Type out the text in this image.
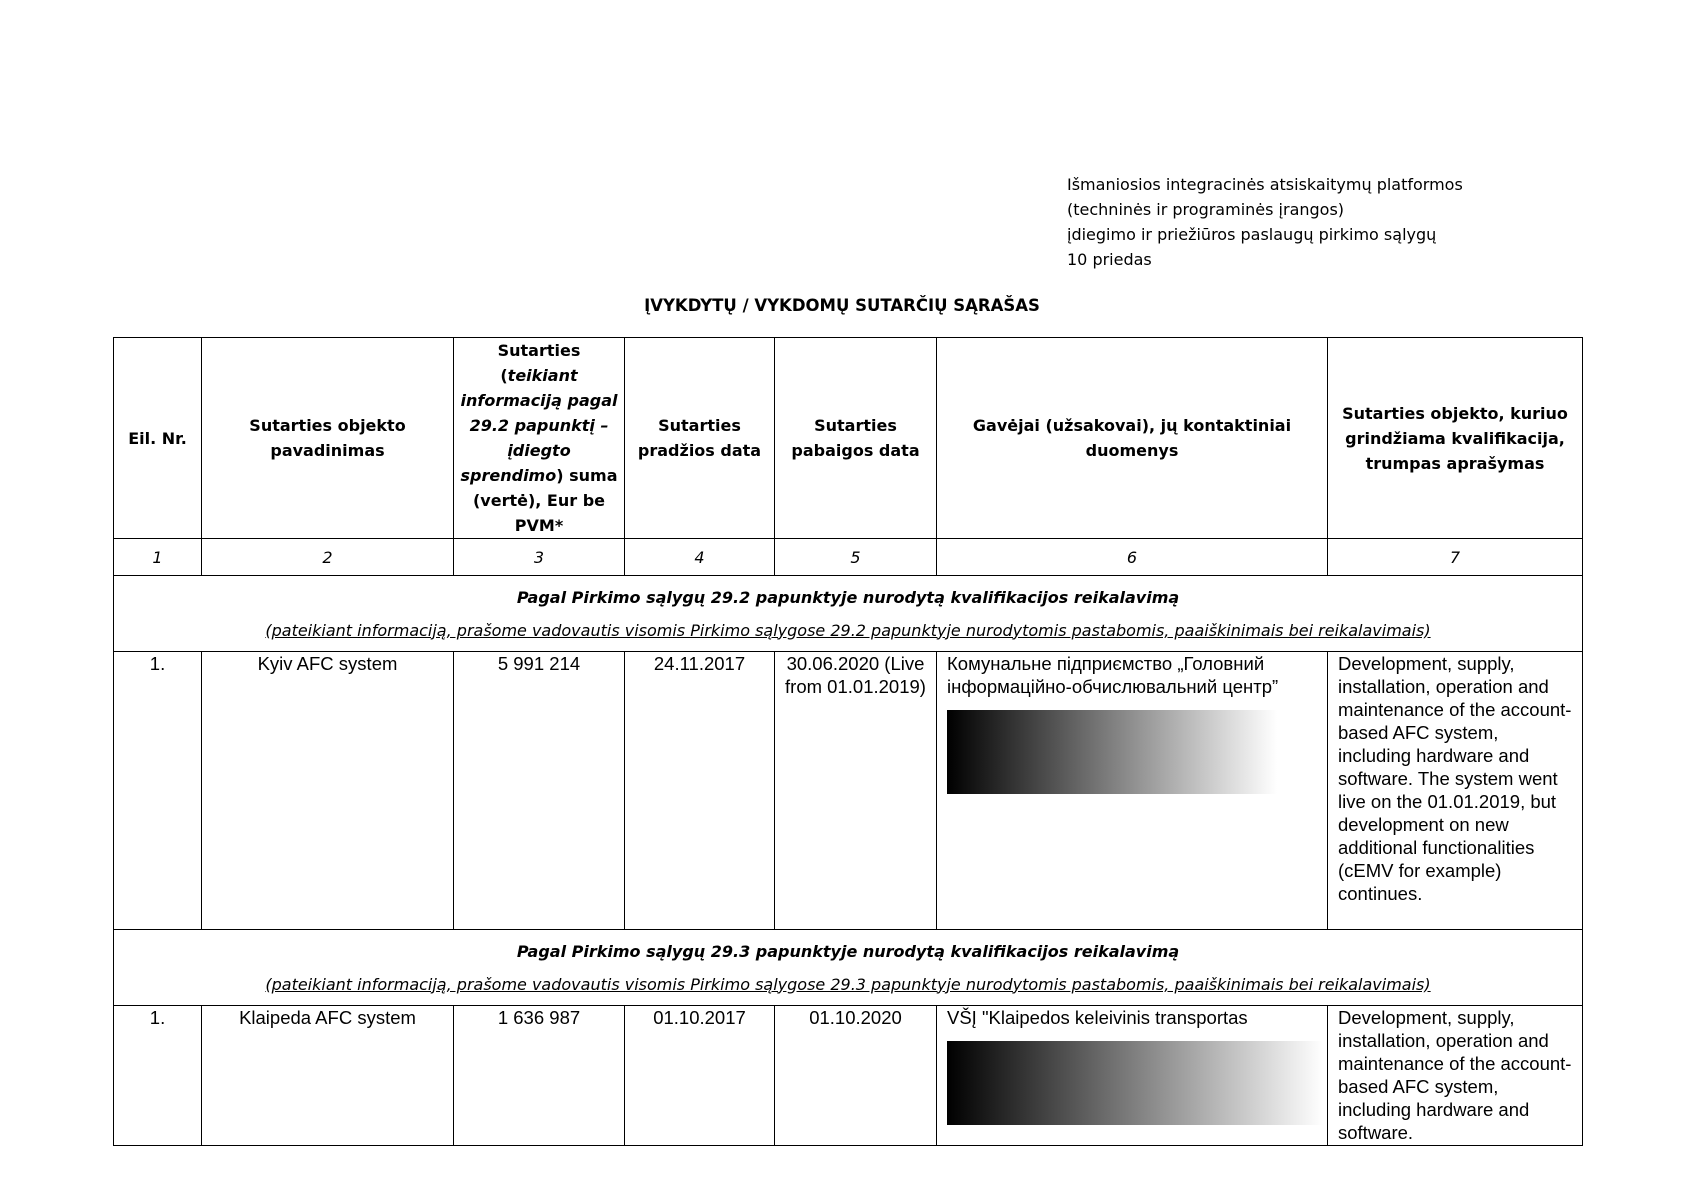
Išmaniosios integracinės atsiskaitymų platformos
(techninės ir programinės įrangos)
įdiegimo ir priežiūros paslaugų pirkimo sąlygų
10 priedas
ĮVYKDYTŲ / VYKDOMŲ SUTARČIŲ SĄRAŠAS
Eil. Nr.	Sutarties objekto pavadinimas	Sutarties (teikiant informaciją pagal 29.2 papunktį – įdiegto sprendimo) suma (vertė), Eur be PVM*	Sutarties pradžios data	Sutarties pabaigos data	Gavėjai (užsakovai), jų kontaktiniai duomenys	Sutarties objekto, kuriuo grindžiama kvalifikacija, trumpas aprašymas
1	2	3	4	5	6	7

Pagal Pirkimo sąlygų 29.2 papunktyje nurodytą kvalifikacijos reikalavimą
(pateikiant informaciją, prašome vadovautis visomis Pirkimo sąlygose 29.2 papunktyje nurodytomis pastabomis, paaiškinimais bei reikalavimais)						

1.	Kyiv AFC system	5 991 214	24.11.2017	30.06.2020 (Live from 01.01.2019)	Комунальне підприємство „Головний інформаційно-обчислювальний центр”	Development, supply, installation, operation and maintenance of the account-based AFC system, including hardware and software. The system went live on the 01.01.2019, but development on new additional functionalities (cEMV for example) continues.

Pagal Pirkimo sąlygų 29.3 papunktyje nurodytą kvalifikacijos reikalavimą
(pateikiant informaciją, prašome vadovautis visomis Pirkimo sąlygose 29.3 papunktyje nurodytomis pastabomis, paaiškinimais bei reikalavimais)						

1.	Klaipeda AFC system	1 636 987	01.10.2017	01.10.2020	VŠĮ "Klaipedos keleivinis transportas	Development, supply, installation, operation and maintenance of the account-based AFC system, including hardware and software.
